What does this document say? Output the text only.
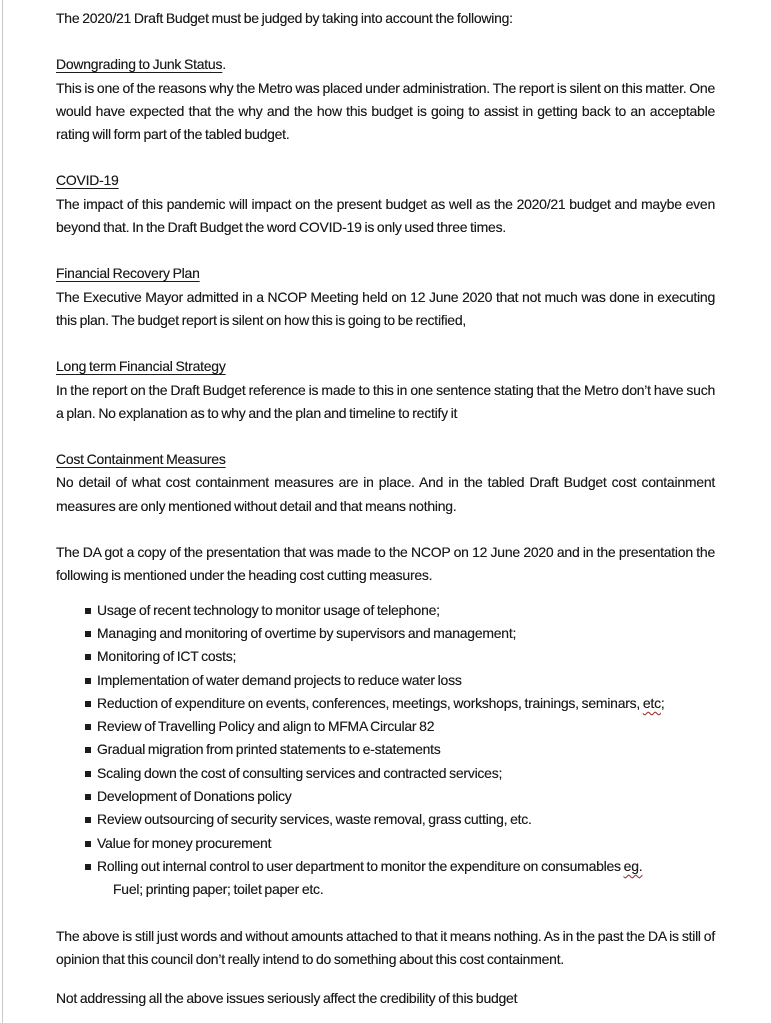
The 2020/21 Draft Budget must be judged by taking into account the following:

Downgrading to Junk Status.

This is one of the reasons why the Metro was placed under administration. The report is silent on this matter. One would have expected that the why and the how this budget is going to assist in getting back to an acceptable rating will form part of the tabled budget.

COVID-19

The impact of this pandemic will impact on the present budget as well as the 2020/21 budget and maybe even beyond that. In the Draft Budget the word COVID-19 is only used three times.

Financial Recovery Plan

The Executive Mayor admitted in a NCOP Meeting held on 12 June 2020 that not much was done in executing this plan. The budget report is silent on how this is going to be rectified,

Long term Financial Strategy

In the report on the Draft Budget reference is made to this in one sentence stating that the Metro don’t have such a plan. No explanation as to why and the plan and timeline to rectify it

Cost Containment Measures

No detail of what cost containment measures are in place. And in the tabled Draft Budget cost containment measures are only mentioned without detail and that means nothing.

The DA got a copy of the presentation that was made to the NCOP on 12 June 2020 and in the presentation the following is mentioned under the heading cost cutting measures.

Usage of recent technology to monitor usage of telephone;
Managing and monitoring of overtime by supervisors and management;
Monitoring of ICT costs;
Implementation of water demand projects to reduce water loss
Reduction of expenditure on events, conferences, meetings, workshops, trainings, seminars, etc;
Review of Travelling Policy and align to MFMA Circular 82
Gradual migration from printed statements to e-statements
Scaling down the cost of consulting services and contracted services;
Development of Donations policy
Review outsourcing of security services, waste removal, grass cutting, etc.
Value for money procurement
Rolling out internal control to user department to monitor the expenditure on consumables eg.
Fuel; printing paper; toilet paper etc.

The above is still just words and without amounts attached to that it means nothing. As in the past the DA is still of opinion that this council don’t really intend to do something about this cost containment.

Not addressing all the above issues seriously affect the credibility of this budget
